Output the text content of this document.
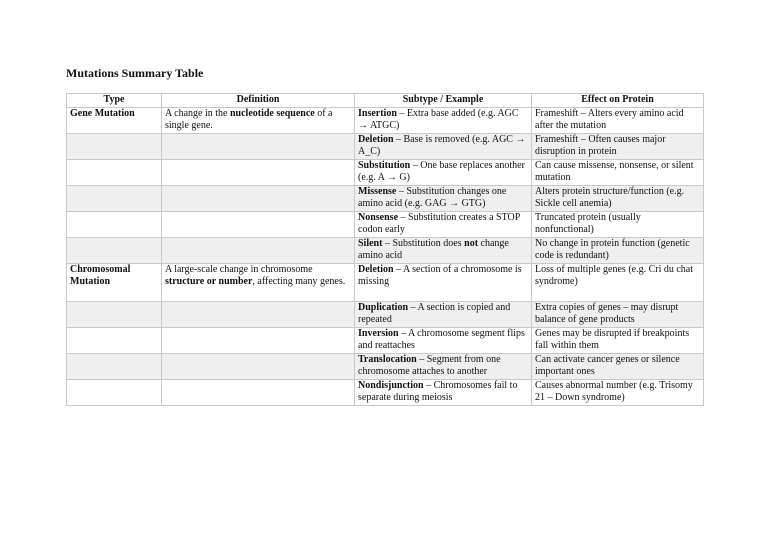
Mutations Summary Table
Type	Definition	Subtype / Example	Effect on Protein
Gene Mutation	A change in the nucleotide sequence of a single gene.	Insertion – Extra base added (e.g. AGC → ATGC)	Frameshift – Alters every amino acid after the mutation
		Deletion – Base is removed (e.g. AGC → A_C)	Frameshift – Often causes major disruption in protein
		Substitution – One base replaces another (e.g. A → G)	Can cause missense, nonsense, or silent mutation
		Missense – Substitution changes one amino acid (e.g. GAG → GTG)	Alters protein structure/function (e.g. Sickle cell anemia)
		Nonsense – Substitution creates a STOP codon early	Truncated protein (usually nonfunctional)
		Silent – Substitution does not change amino acid	No change in protein function (genetic code is redundant)
Chromosomal Mutation	A large-scale change in chromosome structure or number, affecting many genes.	Deletion – A section of a chromosome is missing	Loss of multiple genes (e.g. Cri du chat syndrome)
		Duplication – A section is copied and repeated	Extra copies of genes – may disrupt balance of gene products
		Inversion – A chromosome segment flips and reattaches	Genes may be disrupted if breakpoints fall within them
		Translocation – Segment from one chromosome attaches to another	Can activate cancer genes or silence important ones
		Nondisjunction – Chromosomes fail to separate during meiosis	Causes abnormal number (e.g. Trisomy 21 – Down syndrome)
